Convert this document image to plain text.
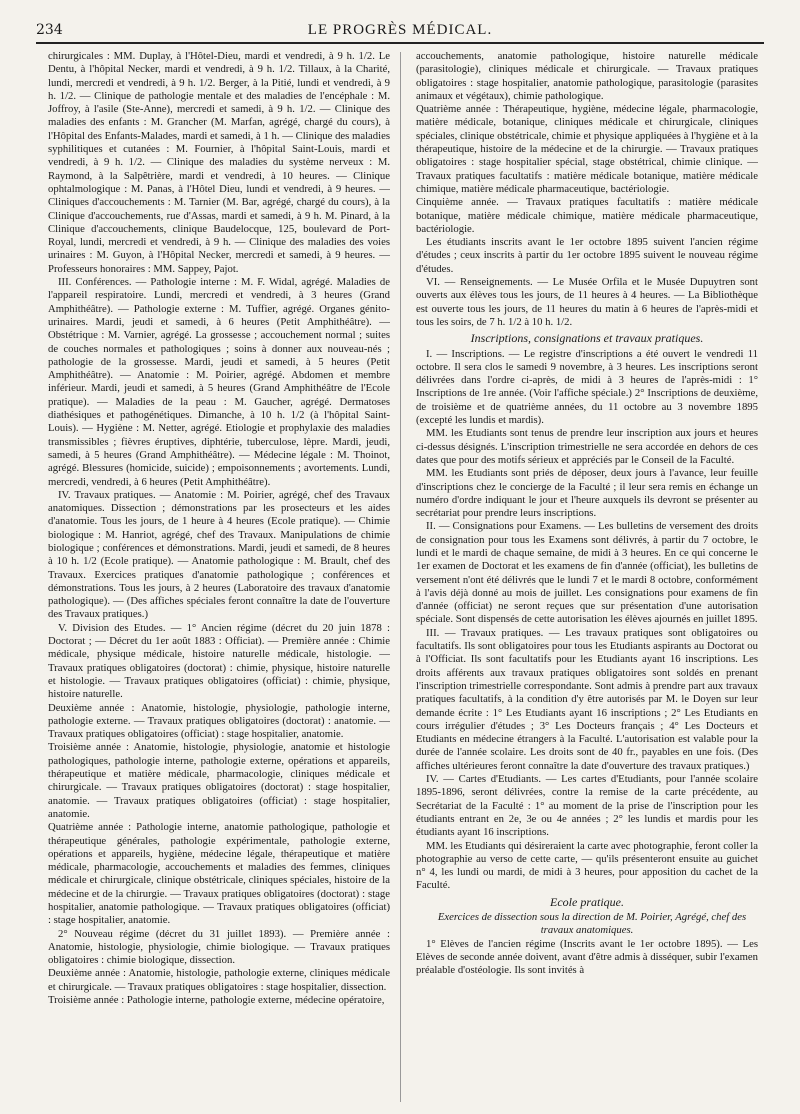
234	LE PROGRÈS MÉDICAL.

chirurgicales : MM. Duplay, à l'Hôtel-Dieu, mardi et vendredi, à 9 h. 1/2. Le Dentu, à l'hôpital Necker, mardi et vendredi, à 9 h. 1/2. Tillaux, à la Charité, lundi, mercredi et vendredi, à 9 h. 1/2. Berger, à la Pitié, lundi et vendredi, à 9 h. 1/2. — Clinique de pathologie mentale et des maladies de l'encéphale : M. Joffroy, à l'asile (Ste-Anne), mercredi et samedi, à 9 h. 1/2. — Clinique des maladies des enfants : M. Grancher (M. Marfan, agrégé, chargé du cours), à l'Hôpital des Enfants-Malades, mardi et samedi, à 1 h. — Clinique des maladies syphilitiques et cutanées : M. Fournier, à l'hôpital Saint-Louis, mardi et vendredi, à 9 h. 1/2. — Clinique des maladies du système nerveux : M. Raymond, à la Salpêtrière, mardi et vendredi, à 10 heures. — Clinique ophtalmologique : M. Panas, à l'Hôtel Dieu, lundi et vendredi, à 9 heures. — Cliniques d'accouchements : M. Tarnier (M. Bar, agrégé, chargé du cours), à la Clinique d'accouchements, rue d'Assas, mardi et samedi, à 9 h. M. Pinard, à la Clinique d'accouchements, clinique Baudelocque, 125, boulevard de Port-Royal, lundi, mercredi et vendredi, à 9 h. — Clinique des maladies des voies urinaires : M. Guyon, à l'Hôpital Necker, mercredi et samedi, à 9 heures. — Professeurs honoraires : MM. Sappey, Pajot.

III. Conférences. — Pathologie interne : M. F. Widal, agrégé. Maladies de l'appareil respiratoire. Lundi, mercredi et vendredi, à 3 heures (Grand Amphithéâtre). — Pathologie externe : M. Tuffier, agrégé. Organes génito-urinaires. Mardi, jeudi et samedi, à 6 heures (Petit Amphithéâtre). — Obstétrique : M. Varnier, agrégé. La grossesse ; accouchement normal ; suites de couches normales et pathologiques ; soins à donner aux nouveau-nés ; pathologie de la grossesse. Mardi, jeudi et samedi, à 5 heures (Petit Amphithéâtre). — Anatomie : M. Poirier, agrégé. Abdomen et membre inférieur. Mardi, jeudi et samedi, à 5 heures (Grand Amphithéâtre de l'Ecole pratique). — Maladies de la peau : M. Gaucher, agrégé. Dermatoses diathésiques et pathogénétiques. Dimanche, à 10 h. 1/2 (à l'hôpital Saint-Louis). — Hygiène : M. Netter, agrégé. Etiologie et prophylaxie des maladies transmissibles ; fièvres éruptives, diphtérie, tuberculose, lèpre. Mardi, jeudi, samedi, à 5 heures (Grand Amphithéâtre). — Médecine légale : M. Thoinot, agrégé. Blessures (homicide, suicide) ; empoisonnements ; avortements. Lundi, mercredi, vendredi, à 6 heures (Petit Amphithéâtre).

IV. Travaux pratiques. — Anatomie : M. Poirier, agrégé, chef des Travaux anatomiques. Dissection ; démonstrations par les prosecteurs et les aides d'anatomie. Tous les jours, de 1 heure à 4 heures (Ecole pratique). — Chimie biologique : M. Hanriot, agrégé, chef des Travaux. Manipulations de chimie biologique ; conférences et démonstrations. Mardi, jeudi et samedi, de 8 heures à 10 h. 1/2 (Ecole pratique). — Anatomie pathologique : M. Brault, chef des Travaux. Exercices pratiques d'anatomie pathologique ; conférences et démonstrations. Tous les jours, à 2 heures (Laboratoire des travaux d'anatomie pathologique). — (Des affiches spéciales feront connaître la date de l'ouverture des Travaux pratiques.)

V. Division des Etudes. — 1° Ancien régime (décret du 20 juin 1878 : Doctorat ; — Décret du 1er août 1883 : Officiat). — Première année : Chimie médicale, physique médicale, histoire naturelle médicale, histologie. — Travaux pratiques obligatoires (doctorat) : chimie, physique, histoire naturelle et histologie. — Travaux pratiques obligatoires (officiat) : chimie, physique, histoire naturelle.

Deuxième année : Anatomie, histologie, physiologie, pathologie interne, pathologie externe. — Travaux pratiques obligatoires (doctorat) : anatomie. — Travaux pratiques obligatoires (officiat) : stage hospitalier, anatomie.

Troisième année : Anatomie, histologie, physiologie, anatomie et histologie pathologiques, pathologie interne, pathologie externe, opérations et appareils, thérapeutique et matière médicale, pharmacologie, cliniques médicale et chirurgicale. — Travaux pratiques obligatoires (doctorat) : stage hospitalier, anatomie. — Travaux pratiques obligatoires (officiat) : stage hospitalier, anatomie.

Quatrième année : Pathologie interne, anatomie pathologique, pathologie et thérapeutique générales, pathologie expérimentale, pathologie externe, opérations et appareils, hygiène, médecine légale, thérapeutique et matière médicale, pharmacologie, accouchements et maladies des femmes, cliniques médicale et chirurgicale, clinique obstétricale, cliniques spéciales, histoire de la médecine et de la chirurgie. — Travaux pratiques obligatoires (doctorat) : stage hospitalier, anatomie pathologique. — Travaux pratiques obligatoires (officiat) : stage hospitalier, anatomie.

2° Nouveau régime (décret du 31 juillet 1893). — Première année : Anatomie, histologie, physiologie, chimie biologique. — Travaux pratiques obligatoires : chimie biologique, dissection.

Deuxième année : Anatomie, histologie, pathologie externe, cliniques médicale et chirurgicale. — Travaux pratiques obligatoires : stage hospitalier, dissection.

Troisième année : Pathologie interne, pathologie externe, médecine opératoire,

accouchements, anatomie pathologique, histoire naturelle médicale (parasitologie), cliniques médicale et chirurgicale. — Travaux pratiques obligatoires : stage hospitalier, anatomie pathologique, parasitologie (parasites animaux et végétaux), chimie pathologique.

Quatrième année : Thérapeutique, hygiène, médecine légale, pharmacologie, matière médicale, botanique, cliniques médicale et chirurgicale, cliniques spéciales, clinique obstétricale, chimie et physique appliquées à l'hygiène et à la thérapeutique, histoire de la médecine et de la chirurgie. — Travaux pratiques obligatoires : stage hospitalier spécial, stage obstétrical, chimie clinique. — Travaux pratiques facultatifs : matière médicale botanique, matière médicale chimique, matière médicale pharmaceutique, bactériologie.

Cinquième année. — Travaux pratiques facultatifs : matière médicale botanique, matière médicale chimique, matière médicale pharmaceutique, bactériologie.

Les étudiants inscrits avant le 1er octobre 1895 suivent l'ancien régime d'études ; ceux inscrits à partir du 1er octobre 1895 suivent le nouveau régime d'études.

VI. — Renseignements. — Le Musée Orfila et le Musée Dupuytren sont ouverts aux élèves tous les jours, de 11 heures à 4 heures. — La Bibliothèque est ouverte tous les jours, de 11 heures du matin à 6 heures de l'après-midi et tous les soirs, de 7 h. 1/2 à 10 h. 1/2.

Inscriptions, consignations et travaux pratiques.

I. — Inscriptions. — Le registre d'inscriptions a été ouvert le vendredi 11 octobre. Il sera clos le samedi 9 novembre, à 3 heures. Les inscriptions seront délivrées dans l'ordre ci-après, de midi à 3 heures de l'après-midi : 1° Inscriptions de 1re année. (Voir l'affiche spéciale.) 2° Inscriptions de deuxième, de troisième et de quatrième années, du 11 octobre au 3 novembre 1895 (excepté les lundis et mardis).

MM. les Etudiants sont tenus de prendre leur inscription aux jours et heures ci-dessus désignés. L'inscription trimestrielle ne sera accordée en dehors de ces dates que pour des motifs sérieux et appréciés par le Conseil de la Faculté.

MM. les Etudiants sont priés de déposer, deux jours à l'avance, leur feuille d'inscriptions chez le concierge de la Faculté ; il leur sera remis en échange un numéro d'ordre indiquant le jour et l'heure auxquels ils devront se présenter au secrétariat pour prendre leurs inscriptions.

II. — Consignations pour Examens. — Les bulletins de versement des droits de consignation pour tous les Examens sont délivrés, à partir du 7 octobre, le lundi et le mardi de chaque semaine, de midi à 3 heures. En ce qui concerne le 1er examen de Doctorat et les examens de fin d'année (officiat), les bulletins de versement n'ont été délivrés que le lundi 7 et le mardi 8 octobre, conformément à l'avis déjà donné au mois de juillet. Les consignations pour examens de fin d'année (officiat) ne seront reçues que sur présentation d'une autorisation spéciale. Sont dispensés de cette autorisation les élèves ajournés en juillet 1895.

III. — Travaux pratiques. — Les travaux pratiques sont obligatoires ou facultatifs. Ils sont obligatoires pour tous les Etudiants aspirants au Doctorat ou à l'Officiat. Ils sont facultatifs pour les Etudiants ayant 16 inscriptions. Les droits afférents aux travaux pratiques obligatoires sont soldés en prenant l'inscription trimestrielle correspondante. Sont admis à prendre part aux travaux pratiques facultatifs, à la condition d'y être autorisés par M. le Doyen sur leur demande écrite : 1° Les Etudiants ayant 16 inscriptions ; 2° Les Etudiants en cours irrégulier d'études ; 3° Les Docteurs français ; 4° Les Docteurs et Etudiants en médecine étrangers à la Faculté. L'autorisation est valable pour la durée de l'année scolaire. Les droits sont de 40 fr., payables en une fois. (Des affiches ultérieures feront connaître la date d'ouverture des travaux pratiques.)

IV. — Cartes d'Etudiants. — Les cartes d'Etudiants, pour l'année scolaire 1895-1896, seront délivrées, contre la remise de la carte précédente, au Secrétariat de la Faculté : 1° au moment de la prise de l'inscription pour les étudiants entrant en 2e, 3e ou 4e années ; 2° les lundis et mardis pour les étudiants ayant 16 inscriptions.

MM. les Etudiants qui désireraient la carte avec photographie, feront coller la photographie au verso de cette carte, — qu'ils présenteront ensuite au guichet n° 4, les lundi ou mardi, de midi à 3 heures, pour apposition du cachet de la Faculté.

Ecole pratique.

Exercices de dissection sous la direction de M. Poirier, Agrégé, chef des travaux anatomiques.

1° Elèves de l'ancien régime (Inscrits avant le 1er octobre 1895). — Les Elèves de seconde année doivent, avant d'être admis à disséquer, subir l'examen préalable d'ostéologie. Ils sont invités à
